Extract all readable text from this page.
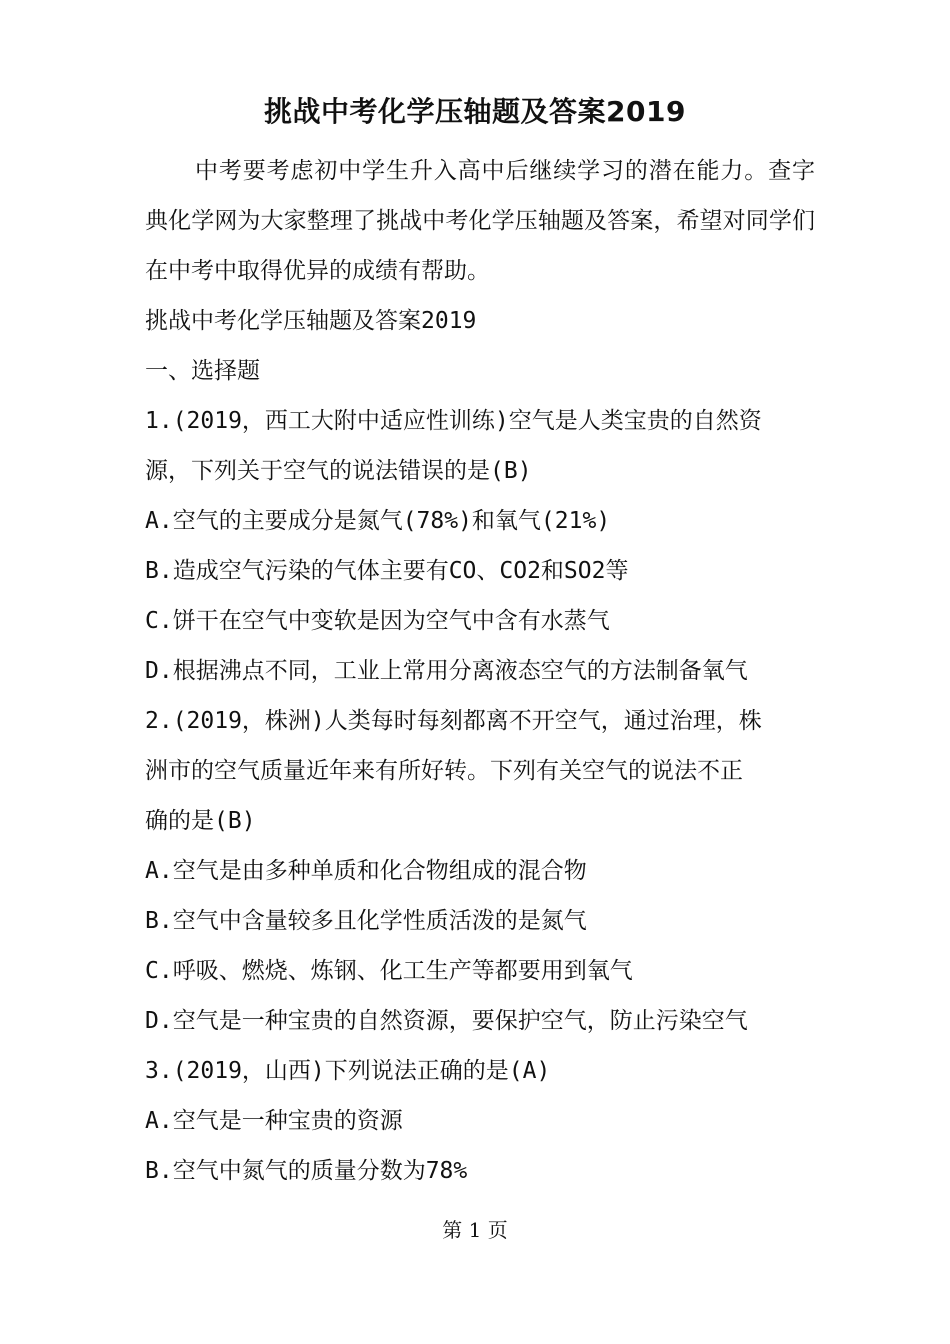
挑战中考化学压轴题及答案2019

中考要考虑初中学生升入高中后继续学习的潜在能力。查字典化学网为大家整理了挑战中考化学压轴题及答案，希望对同学们在中考中取得优异的成绩有帮助。

挑战中考化学压轴题及答案2019
一、选择题
1.(2019，西工大附中适应性训练)空气是人类宝贵的自然资
源，下列关于空气的说法错误的是(B)
A.空气的主要成分是氮气(78%)和氧气(21%)
B.造成空气污染的气体主要有CO、CO2和SO2等
C.饼干在空气中变软是因为空气中含有水蒸气
D.根据沸点不同，工业上常用分离液态空气的方法制备氧气
2.(2019，株洲)人类每时每刻都离不开空气，通过治理，株
洲市的空气质量近年来有所好转。下列有关空气的说法不正
确的是(B)
A.空气是由多种单质和化合物组成的混合物
B.空气中含量较多且化学性质活泼的是氮气
C.呼吸、燃烧、炼钢、化工生产等都要用到氧气
D.空气是一种宝贵的自然资源，要保护空气，防止污染空气
3.(2019，山西)下列说法正确的是(A)
A.空气是一种宝贵的资源
B.空气中氮气的质量分数为78%
第 1 页
